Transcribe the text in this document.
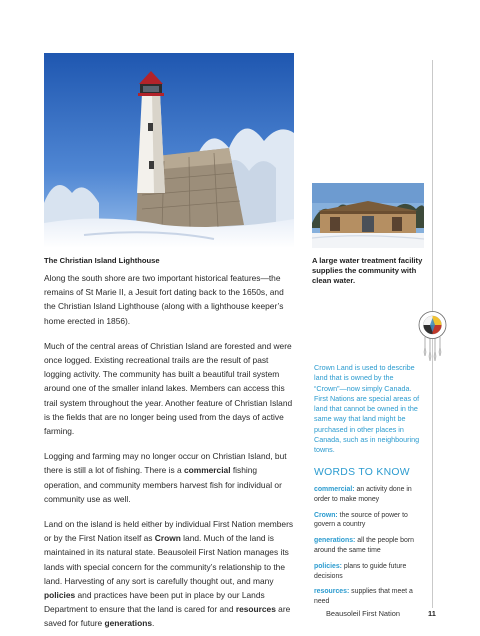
The Christian Island Lighthouse	A large water treatment facility supplies the community with clean water.

Along the south shore are two important historical features—the remains of St Marie II, a Jesuit fort dating back to the 1650s, and the Christian Island Lighthouse (along with a lighthouse keeper’s home erected in 1856).

Much of the central areas of Christian Island are forested and were once logged. Existing recreational trails are the result of past logging activity. The community has built a beautiful trail system around one of the smaller inland lakes. Members can access this trail system throughout the year. Another feature of Christian Island is the fields that are no longer being used from the days of active farming.

Logging and farming may no longer occur on Christian Island, but there is still a lot of fishing. There is a commercial fishing operation, and community members harvest fish for individual or community use as well.

Land on the island is held either by individual First Nation members or by the First Nation itself as Crown land. Much of the land is maintained in its natural state. Beausoleil First Nation manages its lands with special concern for the community’s relationship to the land. Harvesting of any sort is carefully thought out, and many policies and practices have been put in place by our Lands Department to ensure that the land is cared for and resources are saved for future generations.

Crown Land is used to describe land that is owned by the “Crown”—now simply Canada. First Nations are special areas of land that cannot be owned in the same way that land might be purchased in other places in Canada, such as in neighbouring towns.
WORDS TO KNOW
commercial: an activity done in order to make money
Crown: the source of power to govern a country
generations: all the people born around the same time
policies: plans to guide future decisions
resources: supplies that meet a need
Beausoleil First Nation	11
